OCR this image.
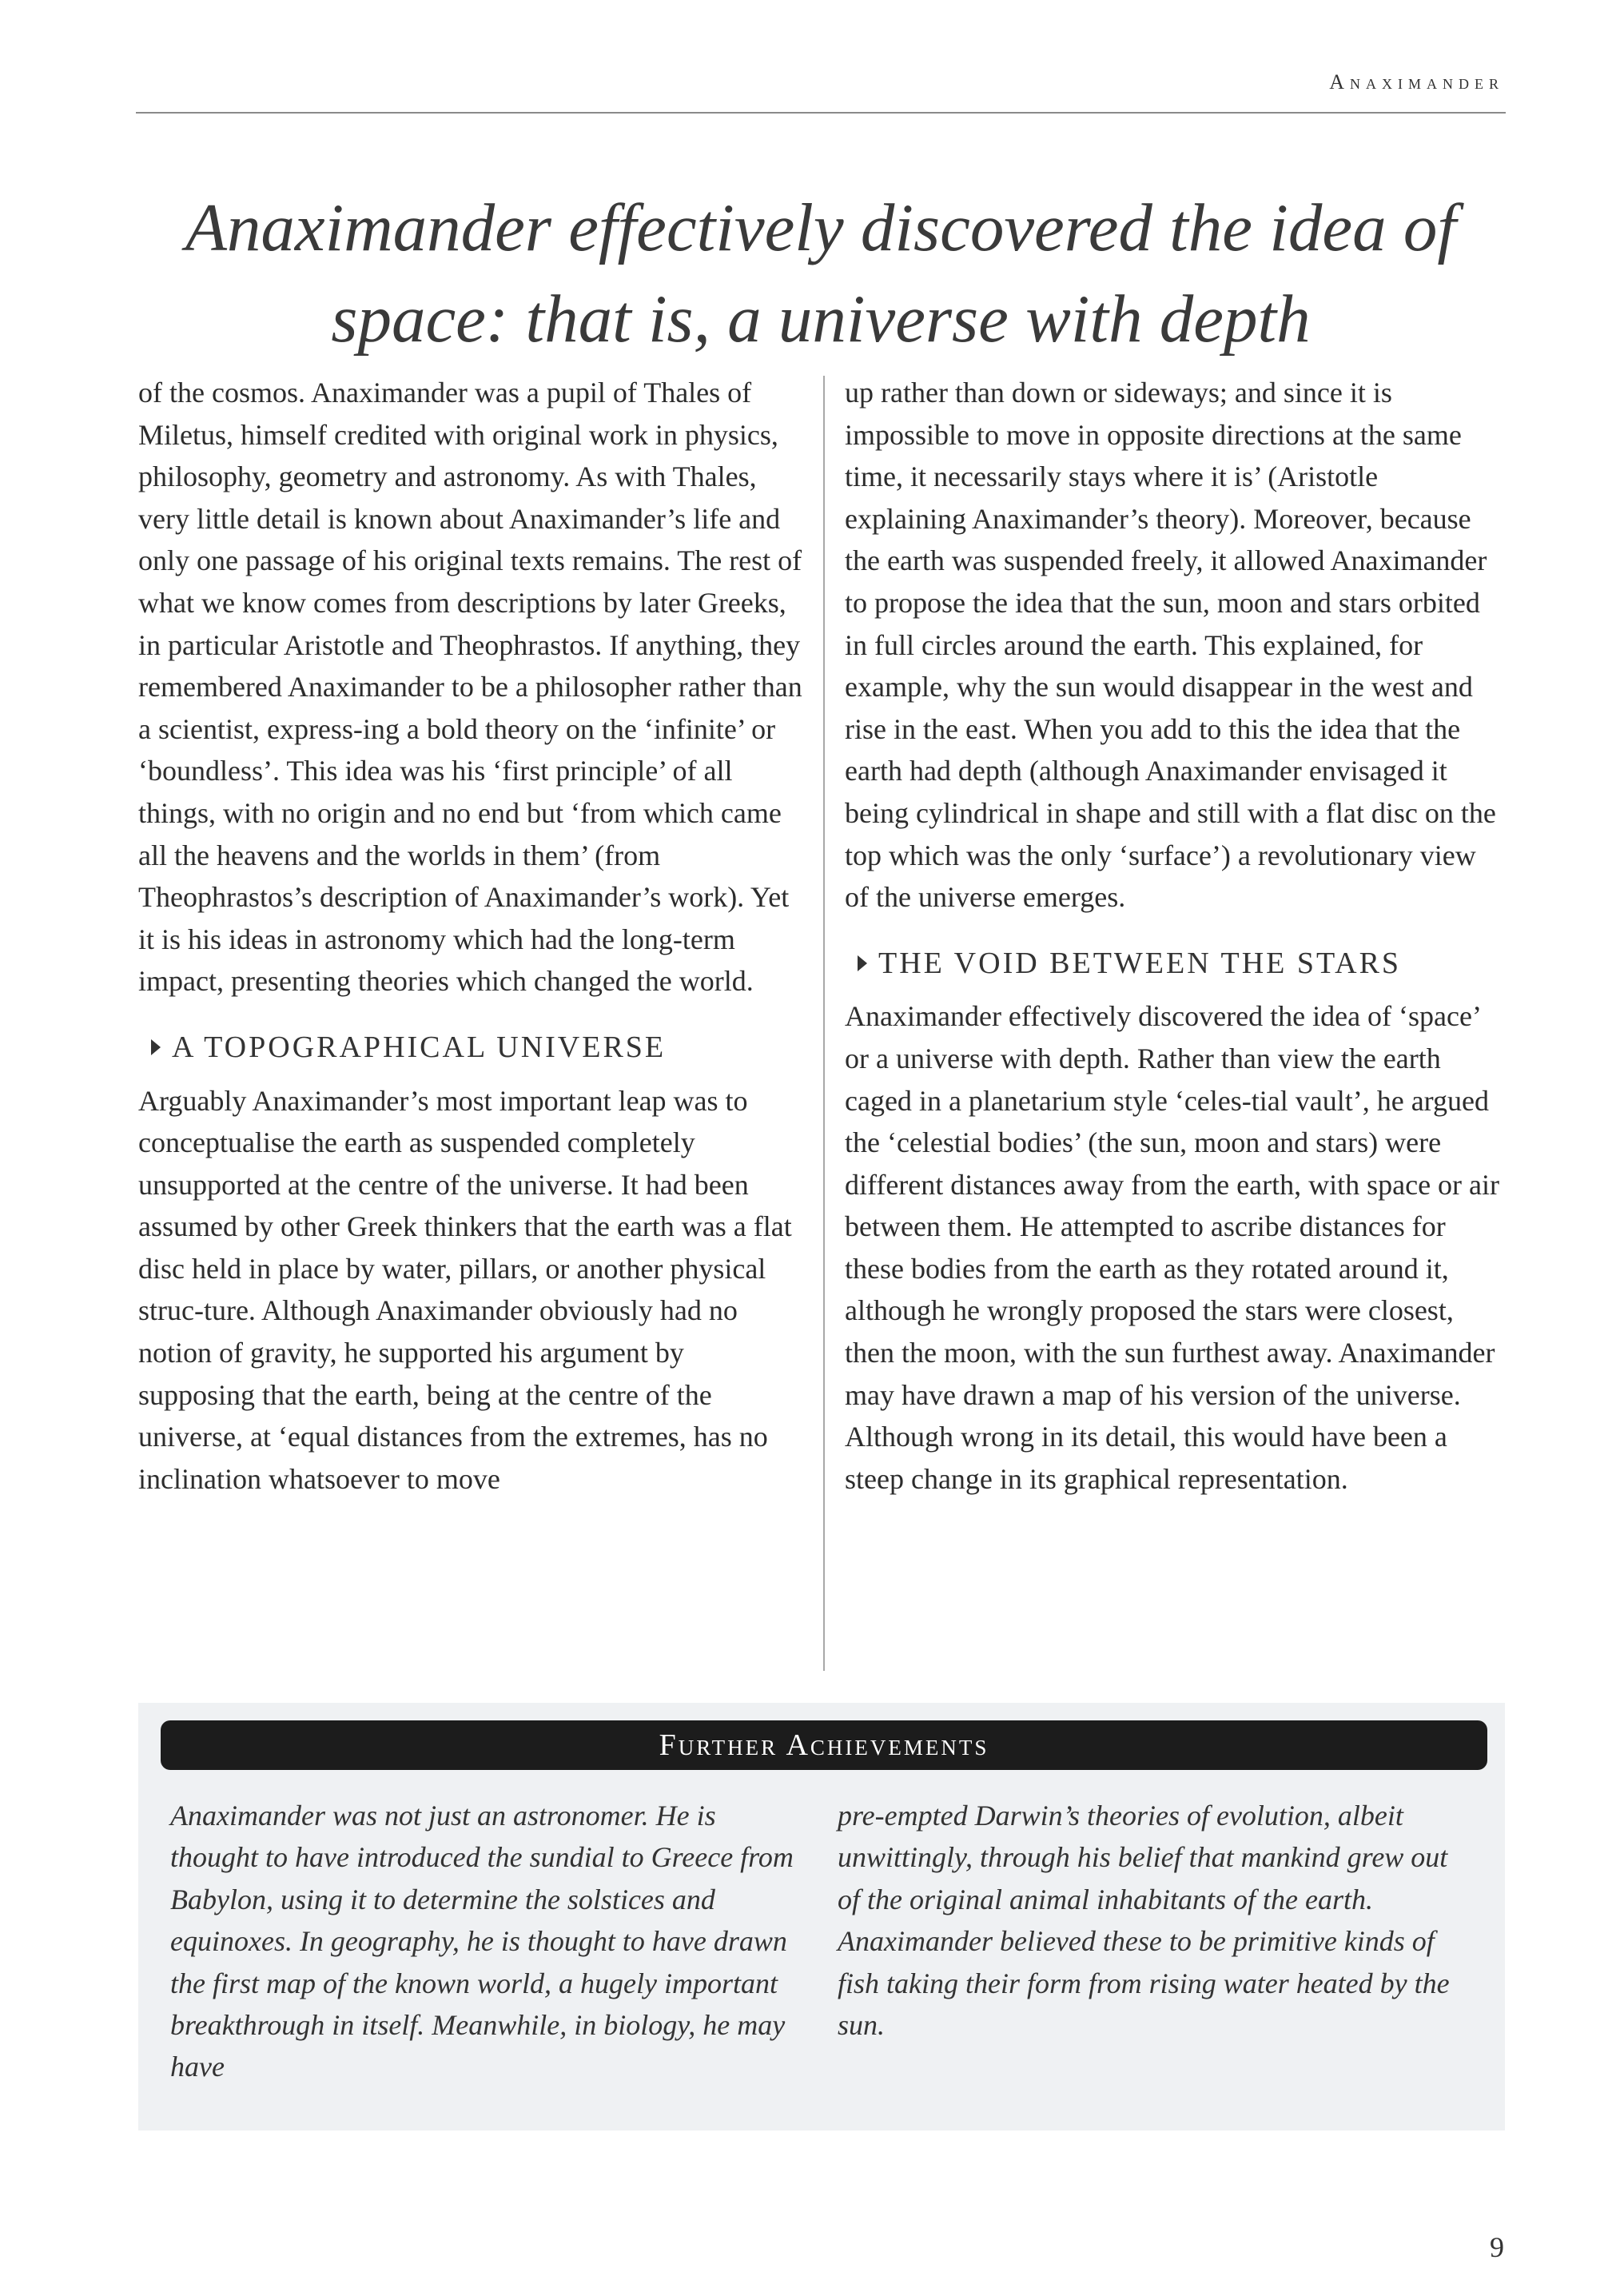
Anaximander
Anaximander effectively discovered the idea of space: that is, a universe with depth

of the cosmos. Anaximander was a pupil of Thales of Miletus, himself credited with original work in physics, philosophy, geometry and astronomy. As with Thales, very little detail is known about Anaximander’s life and only one passage of his original texts remains. The rest of what we know comes from descriptions by later Greeks, in particular Aristotle and Theophrastos. If anything, they remembered Anaximander to be a philosopher rather than a scientist, express-ing a bold theory on the ‘infinite’ or ‘boundless’. This idea was his ‘first principle’ of all things, with no origin and no end but ‘from which came all the heavens and the worlds in them’ (from Theophrastos’s description of Anaximander’s work). Yet it is his ideas in astronomy which had the long-term impact, presenting theories which changed the world.

A TOPOGRAPHICAL UNIVERSE

Arguably Anaximander’s most important leap was to conceptualise the earth as suspended completely unsupported at the centre of the universe. It had been assumed by other Greek thinkers that the earth was a flat disc held in place by water, pillars, or another physical struc-ture. Although Anaximander obviously had no notion of gravity, he supported his argument by supposing that the earth, being at the centre of the universe, at ‘equal distances from the extremes, has no inclination whatsoever to move

up rather than down or sideways; and since it is impossible to move in opposite directions at the same time, it necessarily stays where it is’ (Aristotle explaining Anaximander’s theory). Moreover, because the earth was suspended freely, it allowed Anaximander to propose the idea that the sun, moon and stars orbited in full circles around the earth. This explained, for example, why the sun would disappear in the west and rise in the east. When you add to this the idea that the earth had depth (although Anaximander envisaged it being cylindrical in shape and still with a flat disc on the top which was the only ‘surface’) a revolutionary view of the universe emerges.

THE VOID BETWEEN THE STARS

Anaximander effectively discovered the idea of ‘space’ or a universe with depth. Rather than view the earth caged in a planetarium style ‘celes-tial vault’, he argued the ‘celestial bodies’ (the sun, moon and stars) were different distances away from the earth, with space or air between them. He attempted to ascribe distances for these bodies from the earth as they rotated around it, although he wrongly proposed the stars were closest, then the moon, with the sun furthest away. Anaximander may have drawn a map of his version of the universe. Although wrong in its detail, this would have been a steep change in its graphical representation.

Further Achievements
Anaximander was not just an astronomer. He is thought to have introduced the sundial to Greece from Babylon, using it to determine the solstices and equinoxes. In geography, he is thought to have drawn the first map of the known world, a hugely important breakthrough in itself. Meanwhile, in biology, he may have
pre-empted Darwin’s theories of evolution, albeit unwittingly, through his belief that mankind grew out of the original animal inhabitants of the earth. Anaximander believed these to be primitive kinds of fish taking their form from rising water heated by the sun.
9
